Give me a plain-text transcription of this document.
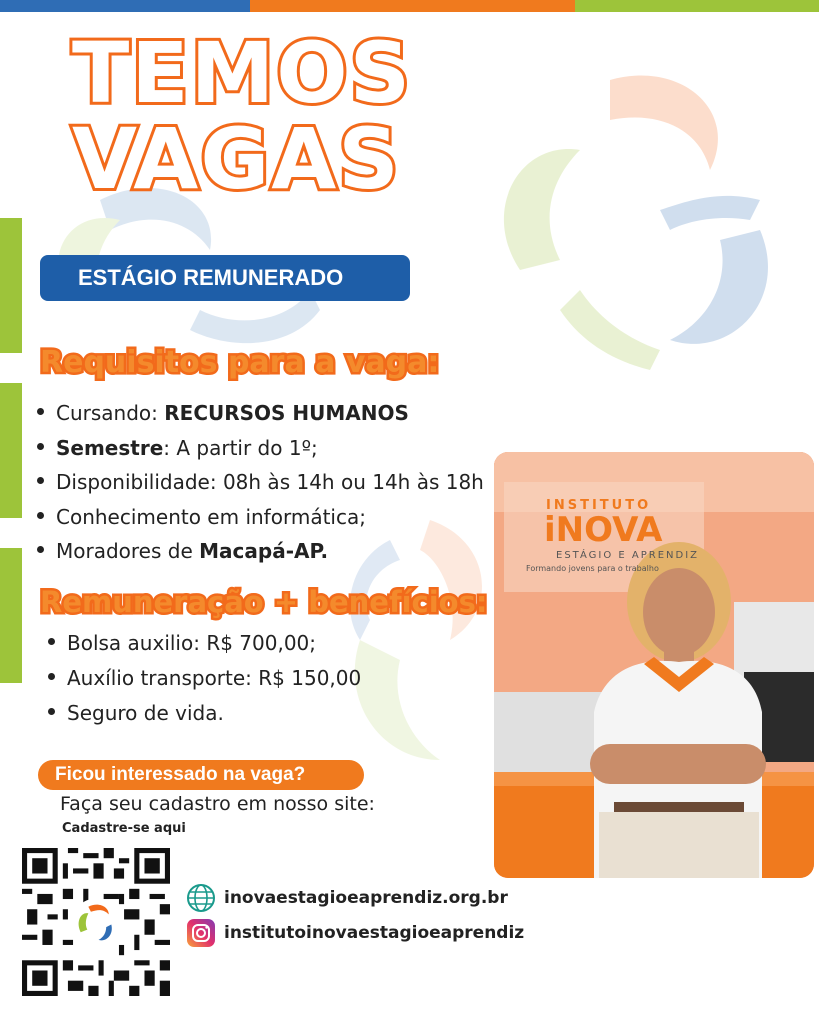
TEMOS
VAGAS
ESTÁGIO REMUNERADO
Requisitos para a vaga:
Cursando: RECURSOS HUMANOS
Semestre: A partir do 1º;
Disponibilidade: 08h às 14h ou 14h às 18h
Conhecimento em informática;
Moradores de Macapá-AP.
Remuneração + benefícios:
Bolsa auxilio: R$ 700,00;
Auxílio transporte: R$ 150,00
Seguro de vida.
Ficou interessado na vaga?
Faça seu cadastro em nosso site:
Cadastre-se aqui
INSTITUTO
iNOVA
ESTÁGIO E APRENDIZ
Formando jovens para o trabalho
inovaestagioeaprendiz.org.br
institutoinovaestagioeaprendiz
